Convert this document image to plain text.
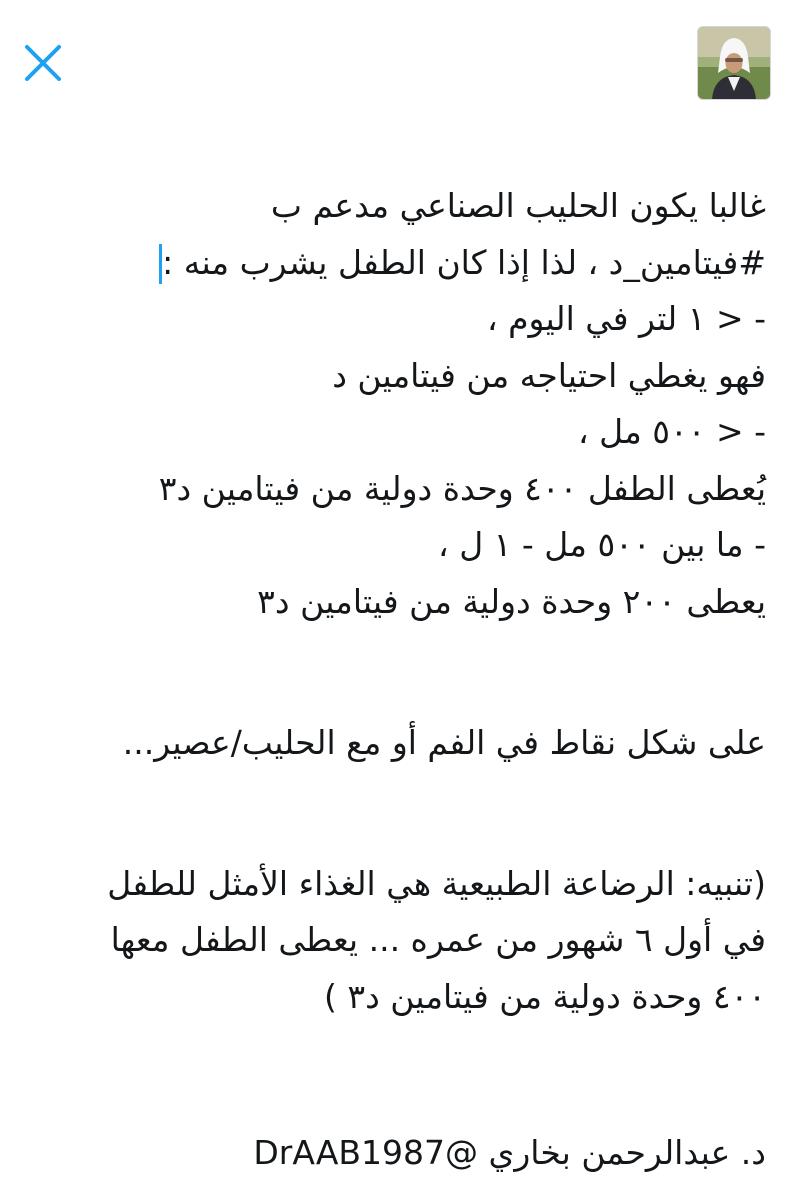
غالبا يكون الحليب الصناعي مدعم ب
#فيتامين_د ، لذا إذا كان الطفل يشرب منه :
- < ١ لتر في اليوم ،
فهو يغطي احتياجه من فيتامين د
- < ٥٠٠ مل ،
يُعطى الطفل ٤٠٠ وحدة دولية من فيتامين د٣
- ما بين ٥٠٠ مل - ١ ل ،
يعطى ٢٠٠ وحدة دولية من فيتامين د٣
على شكل نقاط في الفم أو مع الحليب/عصير...
(تنبيه: الرضاعة الطبيعية هي الغذاء الأمثل للطفل
في أول ٦ شهور من عمره ... يعطى الطفل معها
٤٠٠ وحدة دولية من فيتامين د٣ )
د. عبدالرحمن بخاري @DrAAB1987
